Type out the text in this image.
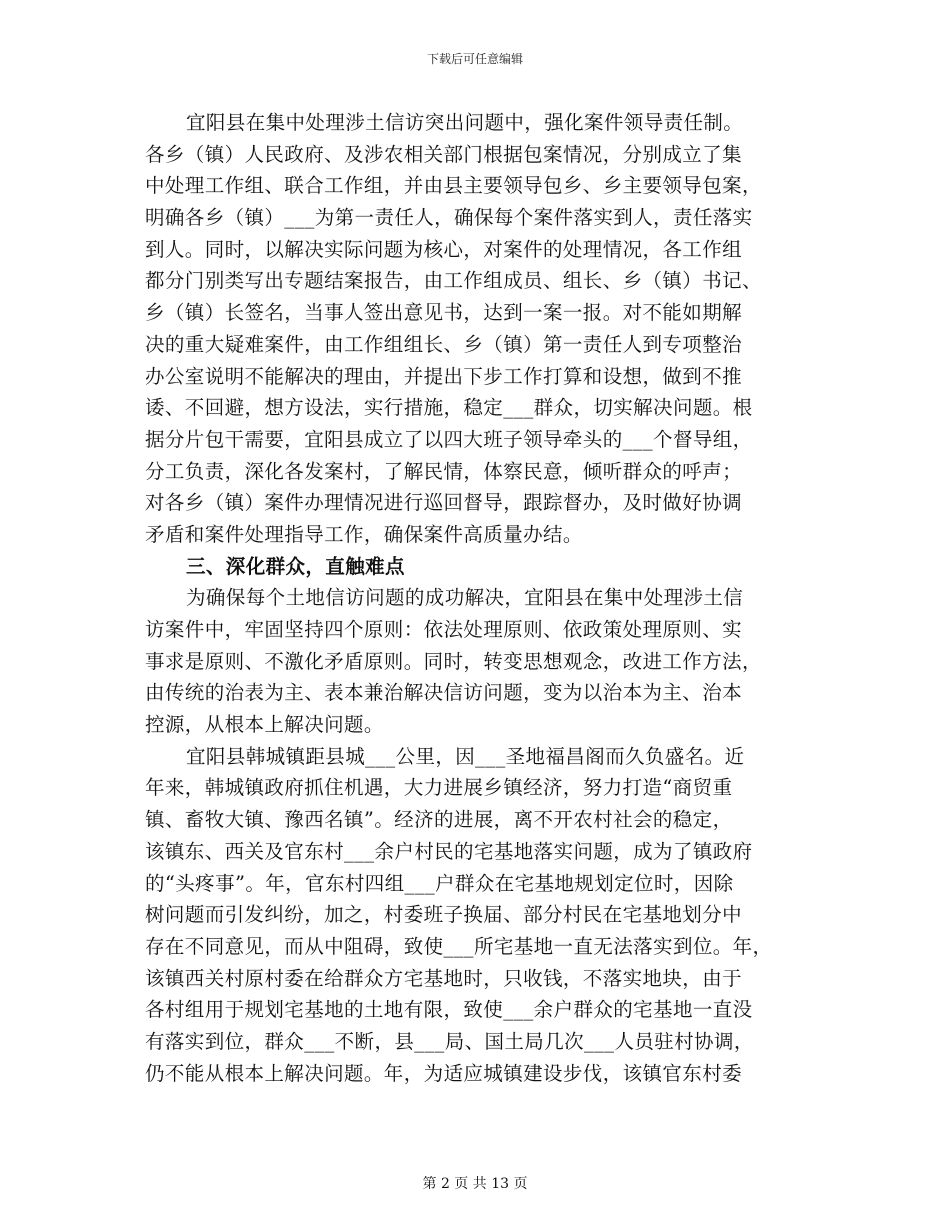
下载后可任意编辑
宜阳县在集中处理涉土信访突出问题中，强化案件领导责任制。
各乡（镇）人民政府、及涉农相关部门根据包案情况，分别成立了集
中处理工作组、联合工作组，并由县主要领导包乡、乡主要领导包案，
明确各乡（镇）___为第一责任人，确保每个案件落实到人，责任落实
到人。同时，以解决实际问题为核心，对案件的处理情况，各工作组
都分门别类写出专题结案报告，由工作组成员、组长、乡（镇）书记、
乡（镇）长签名，当事人签出意见书，达到一案一报。对不能如期解
决的重大疑难案件，由工作组组长、乡（镇）第一责任人到专项整治
办公室说明不能解决的理由，并提出下步工作打算和设想，做到不推
诿、不回避，想方设法，实行措施，稳定___群众，切实解决问题。根
据分片包干需要，宜阳县成立了以四大班子领导牵头的___个督导组，
分工负责，深化各发案村，了解民情，体察民意，倾听群众的呼声；
对各乡（镇）案件办理情况进行巡回督导，跟踪督办，及时做好协调
矛盾和案件处理指导工作，确保案件高质量办结。
三、深化群众，直触难点
为确保每个土地信访问题的成功解决，宜阳县在集中处理涉土信
访案件中，牢固坚持四个原则：依法处理原则、依政策处理原则、实
事求是原则、不激化矛盾原则。同时，转变思想观念，改进工作方法，
由传统的治表为主、表本兼治解决信访问题，变为以治本为主、治本
控源，从根本上解决问题。
宜阳县韩城镇距县城___公里，因___圣地福昌阁而久负盛名。近
年来，韩城镇政府抓住机遇，大力进展乡镇经济，努力打造“商贸重
镇、畜牧大镇、豫西名镇”。经济的进展，离不开农村社会的稳定，
该镇东、西关及官东村___余户村民的宅基地落实问题，成为了镇政府
的“头疼事”。年，官东村四组___户群众在宅基地规划定位时，因除
树问题而引发纠纷，加之，村委班子换届、部分村民在宅基地划分中
存在不同意见，而从中阻碍，致使___所宅基地一直无法落实到位。年，
该镇西关村原村委在给群众方宅基地时，只收钱，不落实地块，由于
各村组用于规划宅基地的土地有限，致使___余户群众的宅基地一直没
有落实到位，群众___不断，县___局、国土局几次___人员驻村协调，
仍不能从根本上解决问题。年，为适应城镇建设步伐，该镇官东村委
第 2 页 共 13 页
